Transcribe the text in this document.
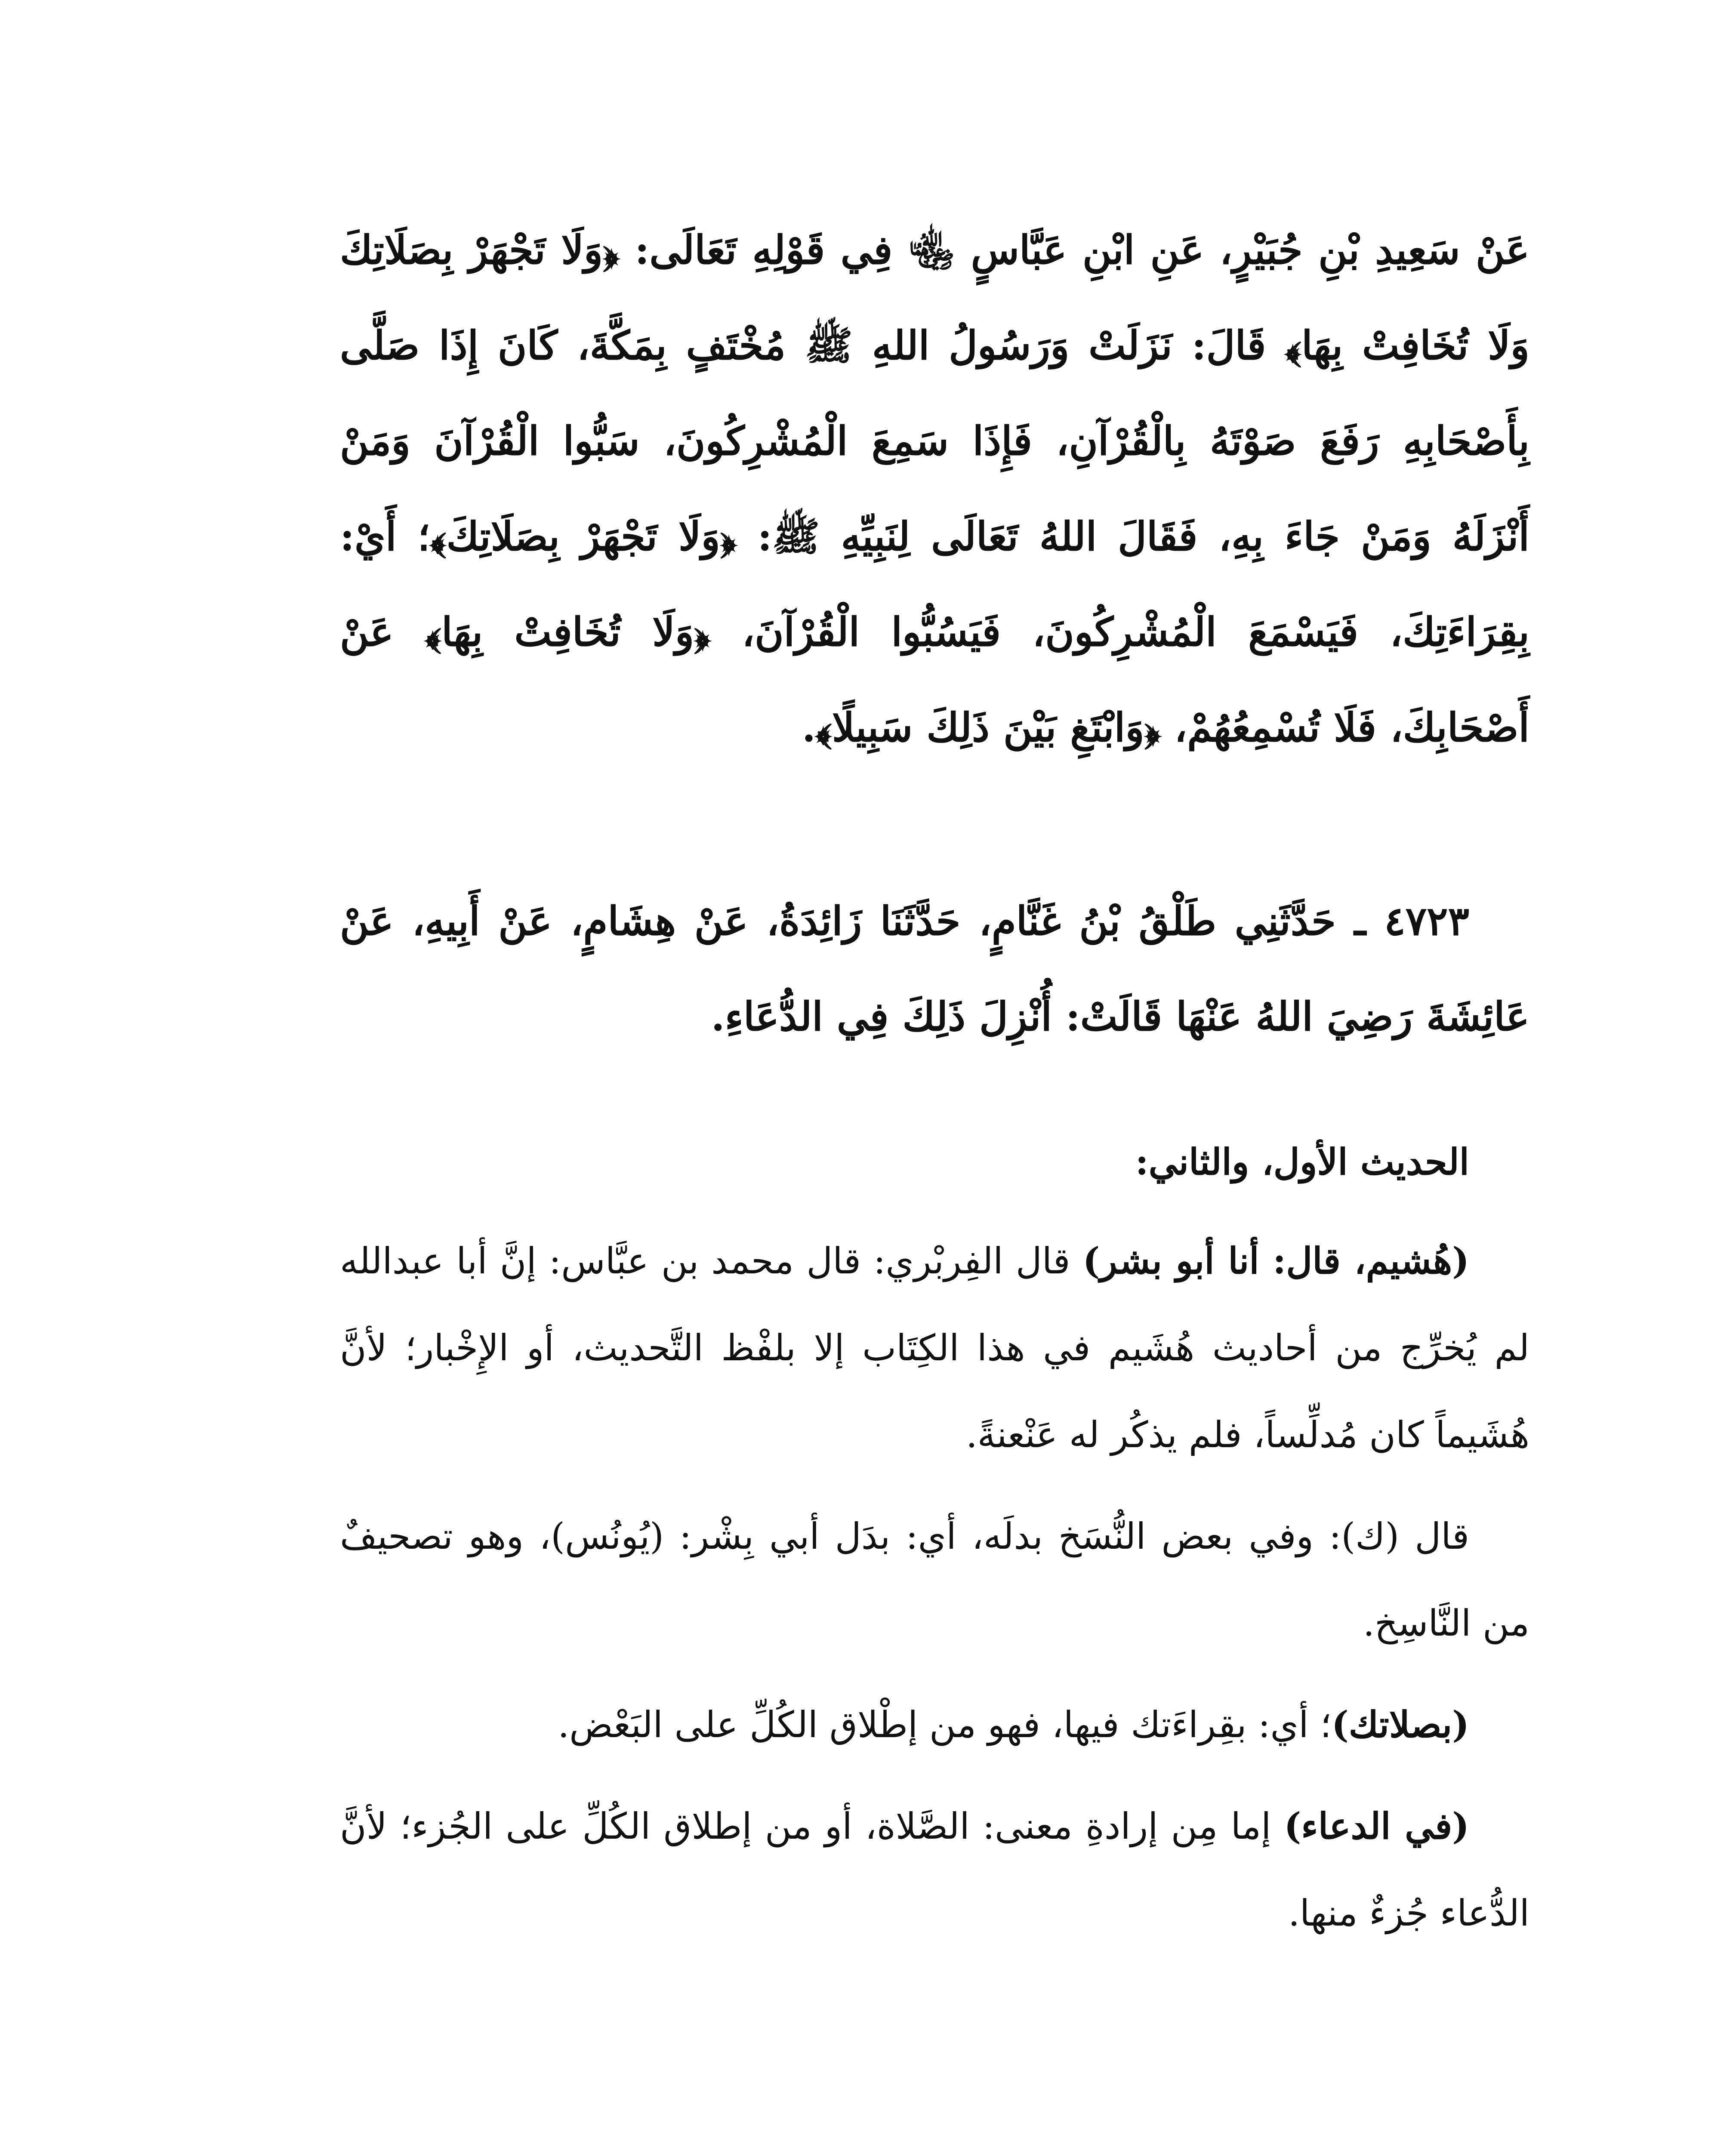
عَنْ سَعِيدِ بْنِ جُبَيْرٍ، عَنِ ابْنِ عَبَّاسٍ ﵄ فِي قَوْلِهِ تَعَالَى: ﴿وَلَا تَجْهَرْ بِصَلَاتِكَ وَلَا تُخَافِتْ بِهَا﴾ قَالَ: نَزَلَتْ وَرَسُولُ اللهِ ﷺ مُخْتَفٍ بِمَكَّةَ، كَانَ إِذَا صَلَّى بِأَصْحَابِهِ رَفَعَ صَوْتَهُ بِالْقُرْآنِ، فَإِذَا سَمِعَ الْمُشْرِكُونَ، سَبُّوا الْقُرْآنَ وَمَنْ أَنْزَلَهُ وَمَنْ جَاءَ بِهِ، فَقَالَ اللهُ تَعَالَى لِنَبِيِّهِ ﷺ: ﴿وَلَا تَجْهَرْ بِصَلَاتِكَ﴾؛ أَيْ: بِقِرَاءَتِكَ، فَيَسْمَعَ الْمُشْرِكُونَ، فَيَسُبُّوا الْقُرْآنَ، ﴿وَلَا تُخَافِتْ بِهَا﴾ عَنْ أَصْحَابِكَ، فَلَا تُسْمِعُهُمْ، ﴿وَابْتَغِ بَيْنَ ذَلِكَ سَبِيلًا﴾.

٤٧٢٣ ـ حَدَّثَنِي طَلْقُ بْنُ غَنَّامٍ، حَدَّثَنَا زَائِدَةُ، عَنْ هِشَامٍ، عَنْ أَبِيهِ، عَنْ عَائِشَةَ رَضِيَ اللهُ عَنْهَا قَالَتْ: أُنْزِلَ ذَلِكَ فِي الدُّعَاءِ.

الحديث الأول، والثاني:

(هُشيم، قال: أنا أبو بشر) قال الفِربْري: قال محمد بن عبَّاس: إنَّ أبا عبدالله لم يُخرِّج من أحاديث هُشَيم في هذا الكِتَاب إلا بلفْظ التَّحديث، أو الإِخْبار؛ لأنَّ هُشَيماً كان مُدلِّساً، فلم يذكُر له عَنْعنةً.

قال (ك): وفي بعض النُّسَخ بدلَه، أي: بدَل أبي بِشْر: (يُونُس)، وهو تصحيفٌ من النَّاسِخ.

(بصلاتك)؛ أي: بقِراءَتك فيها، فهو من إطْلاق الكُلِّ على البَعْض.

(في الدعاء) إما مِن إرادةِ معنى: الصَّلاة، أو من إطلاق الكُلِّ على الجُزء؛ لأنَّ الدُّعاء جُزءٌ منها.
